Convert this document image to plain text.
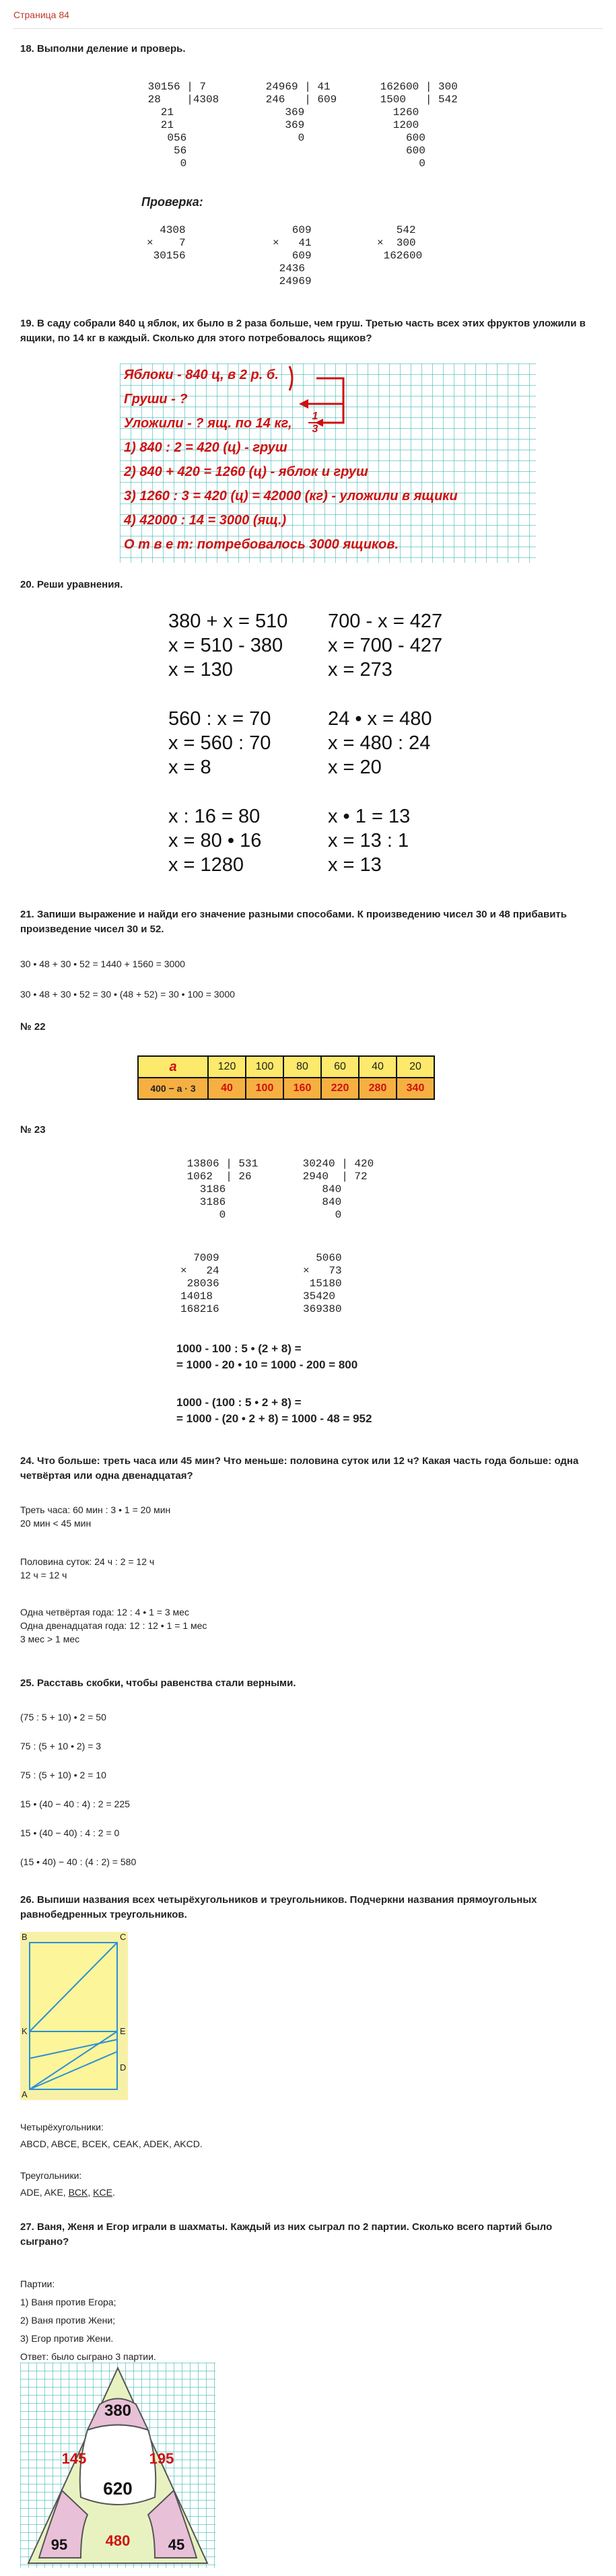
Страница 84
18. Выполни деление и проверь.
30156 | 7
28    |4308
21
21
056
56
0
24969 | 41
246   | 609
369
369
0
162600 | 300
1500   | 542
1260
1200
600
600
0
Проверка:
4308
×    7
30156
609
×   41
609
2436
24969
542
×  300
162600
19. В саду собрали 840 ц яблок, их было в 2 раза больше, чем груш. Третью часть всех этих фруктов уложили в ящики, по 14 кг в каждый. Сколько для этого потребовалось ящиков?
Яблоки - 840 ц, в 2 р. б.
Груши - ?
Уложили - ? ящ. по 14 кг, $\frac{1}{3}$
1) 840 : 2 = 420 (ц) - груш
2) 840 + 420 = 1260 (ц) - яблок и груш
3) 1260 : 3 = 420 (ц) = 42000 (кг) - уложили в ящики
4) 42000 : 14 = 3000 (ящ.)
О т в е т: потребовалось 3000 ящиков.
20. Реши уравнения.
380 + x = 510
x = 510 - 380
x = 130
700 - x = 427
x = 700 - 427
x = 273
560 : x = 70
x = 560 : 70
x = 8
24 • x = 480
x = 480 : 24
x = 20
x : 16 = 80
x = 80 • 16
x = 1280
x • 1 = 13
x = 13 : 1
x = 13
21. Запиши выражение и найди его значение разными способами. К произведению чисел 30 и 48 прибавить произведение чисел 30 и 52.
30 • 48 + 30 • 52 = 1440 + 1560 = 3000
30 • 48 + 30 • 52 = 30 • (48 + 52) = 30 • 100 = 3000
№ 22
a	120	100	80	60	40	20
400 − a · 3	40	100	160	220	280	340
№ 23
13806 | 531
1062  | 26
3186
3186
0
30240 | 420
2940  | 72
840
840
0
7009
×   24
28036
14018
168216
5060
×   73
15180
35420
369380
1000 - 100 : 5 • (2 + 8) =
= 1000 - 20 • 10 = 1000 - 200 = 800
1000 - (100 : 5 • 2 + 8) =
= 1000 - (20 • 2 + 8) = 1000 - 48 = 952
24. Что больше: треть часа или 45 мин? Что меньше: половина суток или 12 ч? Какая часть года больше: одна четвёртая или одна двенадцатая?
Треть часа: 60 мин : 3 • 1 = 20 мин
20 мин < 45 мин
Половина суток: 24 ч : 2 = 12 ч
12 ч = 12 ч
Одна четвёртая года: 12 : 4 • 1 = 3 мес
Одна двенадцатая года: 12 : 12 • 1 = 1 мес
3 мес > 1 мес
25. Расставь скобки, чтобы равенства стали верными.
(75 : 5 + 10) • 2 = 50
75 : (5 + 10 • 2) = 3
75 : (5 + 10) • 2 = 10
15 • (40 − 40 : 4) : 2 = 225
15 • (40 − 40) : 4 : 2 = 0
(15 • 40) − 40 : (4 : 2) = 580
26. Выпиши названия всех четырёхугольников и треугольников. Подчеркни названия прямоугольных равнобедренных треугольников.
B	C
K	E
A
D
Четырёхугольники:
ABCD, ABCE, BCEK, CEAK, ADEK, AKCD.
Треугольники:
ADE, AKE, BCK, KCE.
27. Ваня, Женя и Егор играли в шахматы. Каждый из них сыграл по 2 партии. Сколько всего партий было сыграно?
Партии:
1) Ваня против Егора;
2) Ваня против Жени;
3) Егор против Жени.
Ответ: было сыграно 3 партии.
380
145	195
620
95	480	45
